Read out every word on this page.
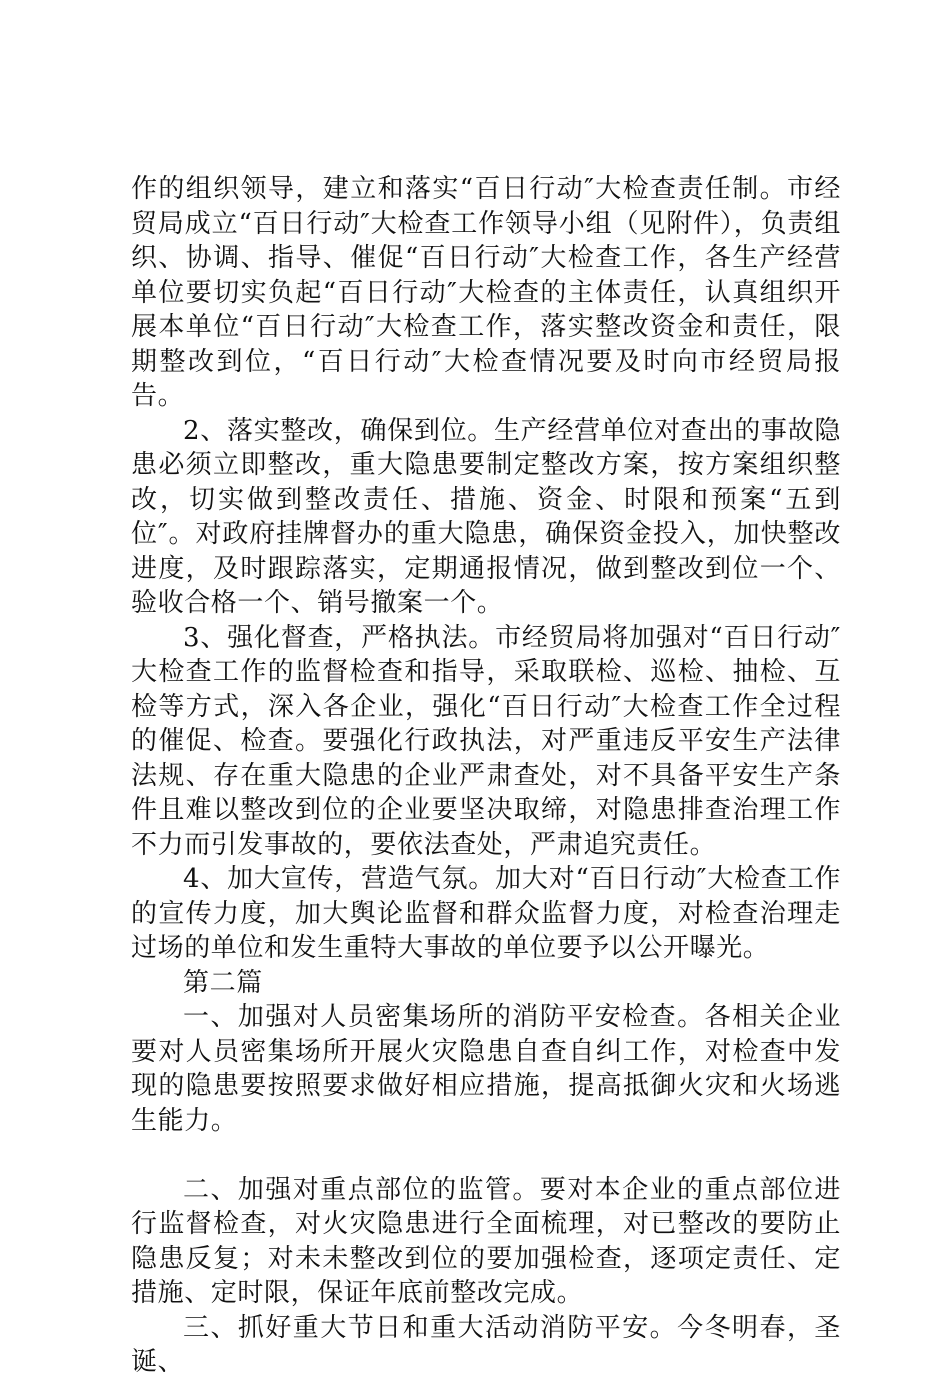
作的组织领导，建立和落实“百日行动″大检查责任制。市经贸局成立“百日行动″大检查工作领导小组（见附件），负责组织、协调、指导、催促“百日行动″大检查工作，各生产经营单位要切实负起“百日行动″大检查的主体责任，认真组织开展本单位“百日行动″大检查工作，落实整改资金和责任，限期整改到位，“百日行动″大检查情况要及时向市经贸局报告。

2、落实整改，确保到位。生产经营单位对查出的事故隐患必须立即整改，重大隐患要制定整改方案，按方案组织整改，切实做到整改责任、措施、资金、时限和预案“五到位″。对政府挂牌督办的重大隐患，确保资金投入，加快整改进度，及时跟踪落实，定期通报情况，做到整改到位一个、验收合格一个、销号撤案一个。

3、强化督查，严格执法。市经贸局将加强对“百日行动″大检查工作的监督检查和指导，采取联检、巡检、抽检、互检等方式，深入各企业，强化“百日行动″大检查工作全过程的催促、检查。要强化行政执法，对严重违反平安生产法律法规、存在重大隐患的企业严肃查处，对不具备平安生产条件且难以整改到位的企业要坚决取缔，对隐患排查治理工作不力而引发事故的，要依法查处，严肃追究责任。

4、加大宣传，营造气氛。加大对“百日行动″大检查工作的宣传力度，加大舆论监督和群众监督力度，对检查治理走过场的单位和发生重特大事故的单位要予以公开曝光。

第二篇

一、加强对人员密集场所的消防平安检查。各相关企业要对人员密集场所开展火灾隐患自查自纠工作，对检查中发现的隐患要按照要求做好相应措施，提高抵御火灾和火场逃生能力。

二、加强对重点部位的监管。要对本企业的重点部位进行监督检查，对火灾隐患进行全面梳理，对已整改的要防止隐患反复；对未未整改到位的要加强检查，逐项定责任、定措施、定时限，保证年底前整改完成。

三、抓好重大节日和重大活动消防平安。今冬明春，圣诞、
